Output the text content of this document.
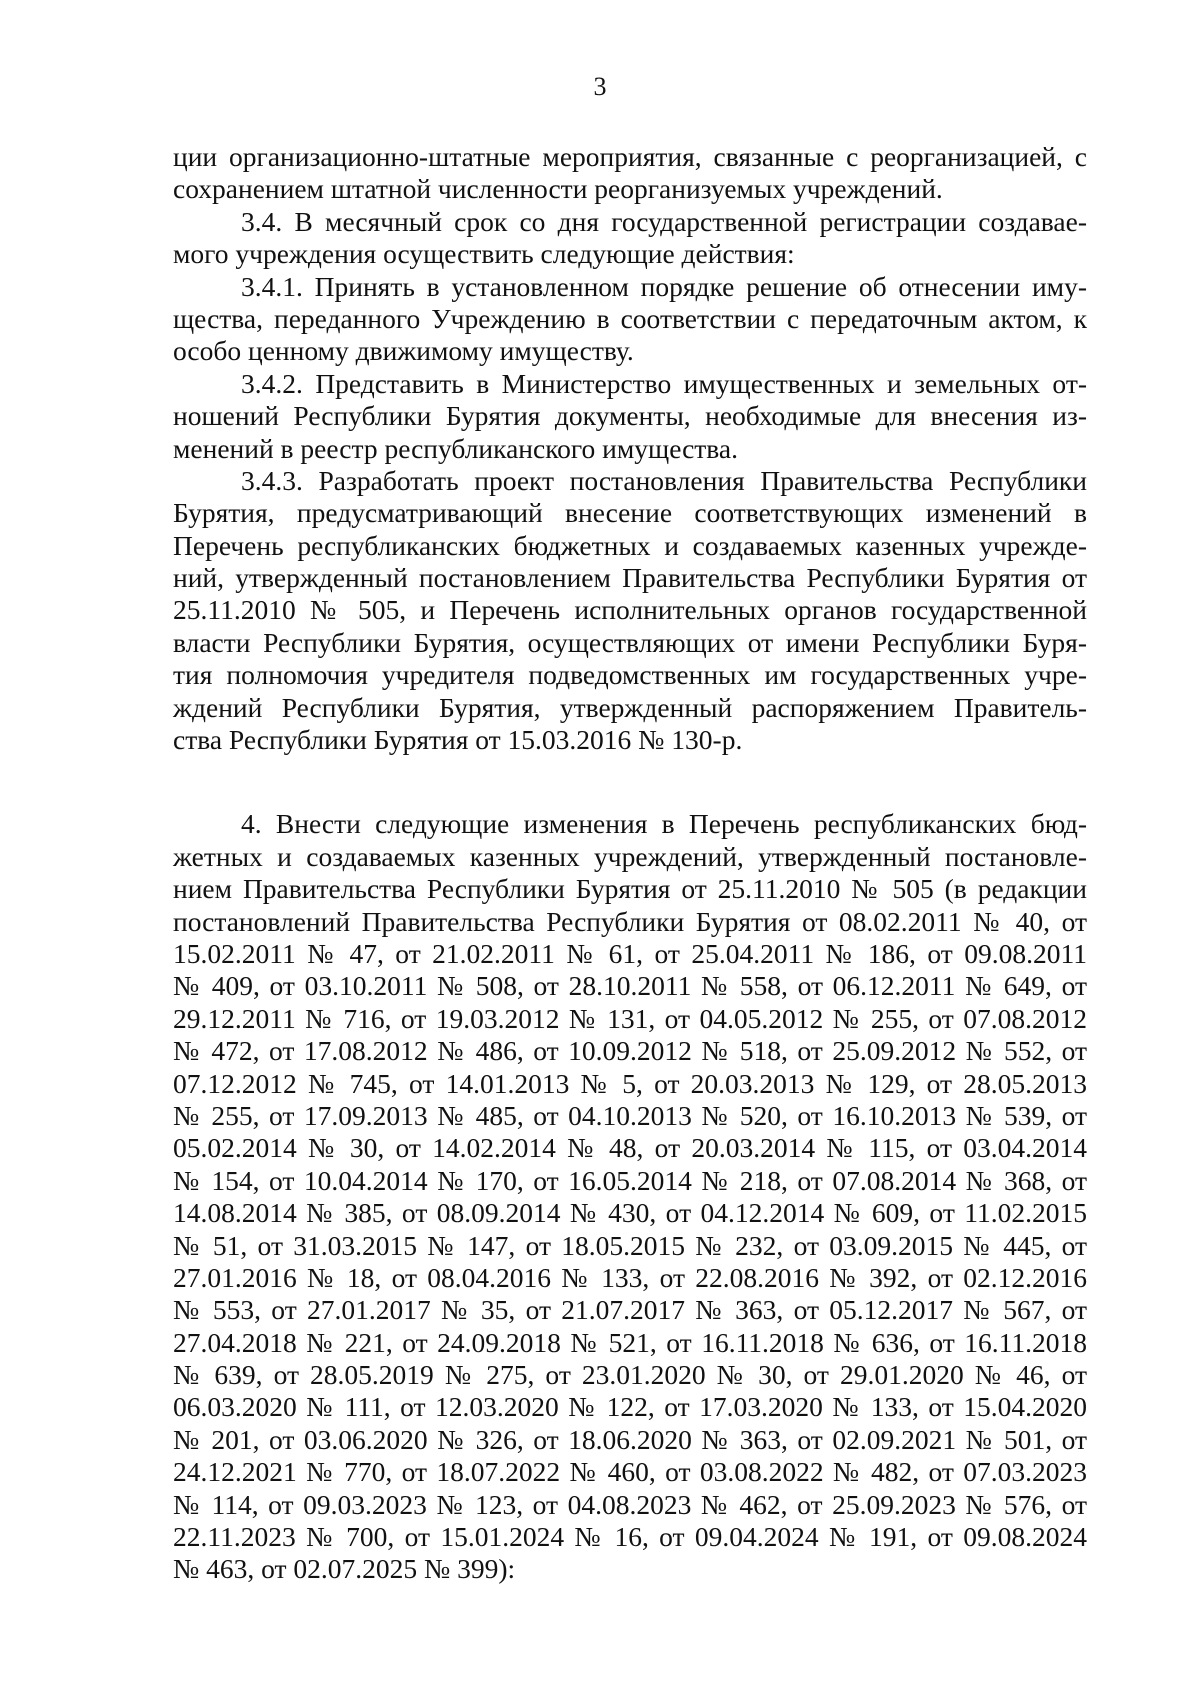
3
ции организационно-штатные мероприятия, связанные с реорганизацией, с
сохранением штатной численности реорганизуемых учреждений.
3.4. В месячный срок со дня государственной регистрации создавае-
мого учреждения осуществить следующие действия:
3.4.1. Принять в установленном порядке решение об отнесении иму-
щества, переданного Учреждению в соответствии с передаточным актом, к
особо ценному движимому имуществу.
3.4.2. Представить в Министерство имущественных и земельных от-
ношений Республики Бурятия документы, необходимые для внесения из-
менений в реестр республиканского имущества.
3.4.3. Разработать проект постановления Правительства Республики
Бурятия, предусматривающий внесение соответствующих изменений в
Перечень республиканских бюджетных и создаваемых казенных учрежде-
ний, утвержденный постановлением Правительства Республики Бурятия от
25.11.2010 № 505, и Перечень исполнительных органов государственной
власти Республики Бурятия, осуществляющих от имени Республики Буря-
тия полномочия учредителя подведомственных им государственных учре-
ждений Республики Бурятия, утвержденный распоряжением Правитель-
ства Республики Бурятия от 15.03.2016 № 130-р.
4. Внести следующие изменения в Перечень республиканских бюд-
жетных и создаваемых казенных учреждений, утвержденный постановле-
нием Правительства Республики Бурятия от 25.11.2010 № 505 (в редакции
постановлений Правительства Республики Бурятия от 08.02.2011 № 40, от
15.02.2011 № 47, от 21.02.2011 № 61, от 25.04.2011 № 186, от 09.08.2011
№ 409, от 03.10.2011 № 508, от 28.10.2011 № 558, от 06.12.2011 № 649, от
29.12.2011 № 716, от 19.03.2012 № 131, от 04.05.2012 № 255, от 07.08.2012
№ 472, от 17.08.2012 № 486, от 10.09.2012 № 518, от 25.09.2012 № 552, от
07.12.2012 № 745, от 14.01.2013 № 5, от 20.03.2013 № 129, от 28.05.2013
№ 255, от 17.09.2013 № 485, от 04.10.2013 № 520, от 16.10.2013 № 539, от
05.02.2014 № 30, от 14.02.2014 № 48, от 20.03.2014 № 115, от 03.04.2014
№ 154, от 10.04.2014 № 170, от 16.05.2014 № 218, от 07.08.2014 № 368, от
14.08.2014 № 385, от 08.09.2014 № 430, от 04.12.2014 № 609, от 11.02.2015
№ 51, от 31.03.2015 № 147, от 18.05.2015 № 232, от 03.09.2015 № 445, от
27.01.2016 № 18, от 08.04.2016 № 133, от 22.08.2016 № 392, от 02.12.2016
№ 553, от 27.01.2017 № 35, от 21.07.2017 № 363, от 05.12.2017 № 567, от
27.04.2018 № 221, от 24.09.2018 № 521, от 16.11.2018 № 636, от 16.11.2018
№ 639, от 28.05.2019 № 275, от 23.01.2020 № 30, от 29.01.2020 № 46, от
06.03.2020 № 111, от 12.03.2020 № 122, от 17.03.2020 № 133, от 15.04.2020
№ 201, от 03.06.2020 № 326, от 18.06.2020 № 363, от 02.09.2021 № 501, от
24.12.2021 № 770, от 18.07.2022 № 460, от 03.08.2022 № 482, от 07.03.2023
№ 114, от 09.03.2023 № 123, от 04.08.2023 № 462, от 25.09.2023 № 576, от
22.11.2023 № 700, от 15.01.2024 № 16, от 09.04.2024 № 191, от 09.08.2024
№ 463, от 02.07.2025 № 399):
